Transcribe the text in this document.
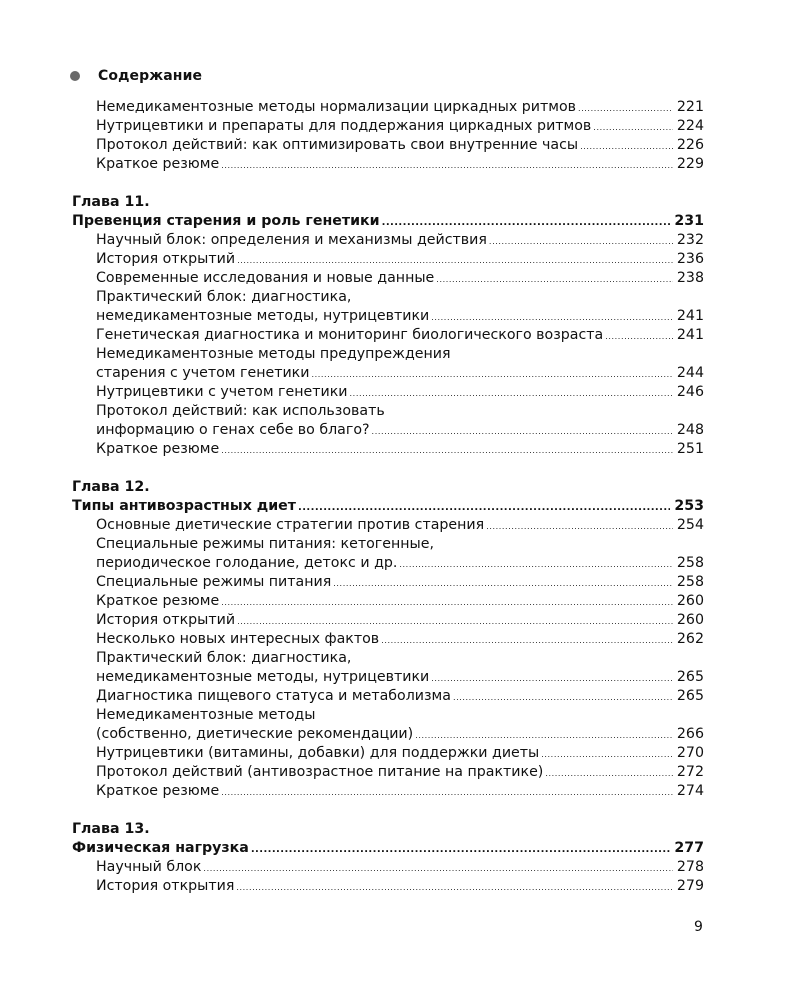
Содержание
Немедикаментозные методы нормализации циркадных ритмов .....	221
Нутрицевтики и препараты для поддержания циркадных ритмов .....	224
Протокол действий: как оптимизировать свои внутренние часы .....	226
Краткое резюме .....	229
Глава 11.
Превенция старения и роль генетики .....	231
Научный блок: определения и механизмы действия .....	232
История открытий .....	236
Современные исследования и новые данные .....	238
Практический блок: диагностика,
немедикаментозные методы, нутрицевтики .....	241
Генетическая диагностика и мониторинг биологического возраста .....	241
Немедикаментозные методы предупреждения
старения с учетом генетики .....	244
Нутрицевтики с учетом генетики .....	246
Протокол действий: как использовать
информацию о генах себе во благо? .....	248
Краткое резюме .....	251
Глава 12.
Типы антивозрастных диет .....	253
Основные диетические стратегии против старения .....	254
Специальные режимы питания: кетогенные,
периодическое голодание, детокс и др. .....	258
Специальные режимы питания .....	258
Краткое резюме .....	260
История открытий .....	260
Несколько новых интересных фактов .....	262
Практический блок: диагностика,
немедикаментозные методы, нутрицевтики .....	265
Диагностика пищевого статуса и метаболизма .....	265
Немедикаментозные методы
(собственно, диетические рекомендации) .....	266
Нутрицевтики (витамины, добавки) для поддержки диеты .....	270
Протокол действий (антивозрастное питание на практике) .....	272
Краткое резюме .....	274
Глава 13.
Физическая нагрузка .....	277
Научный блок .....	278
История открытия .....	279
9
